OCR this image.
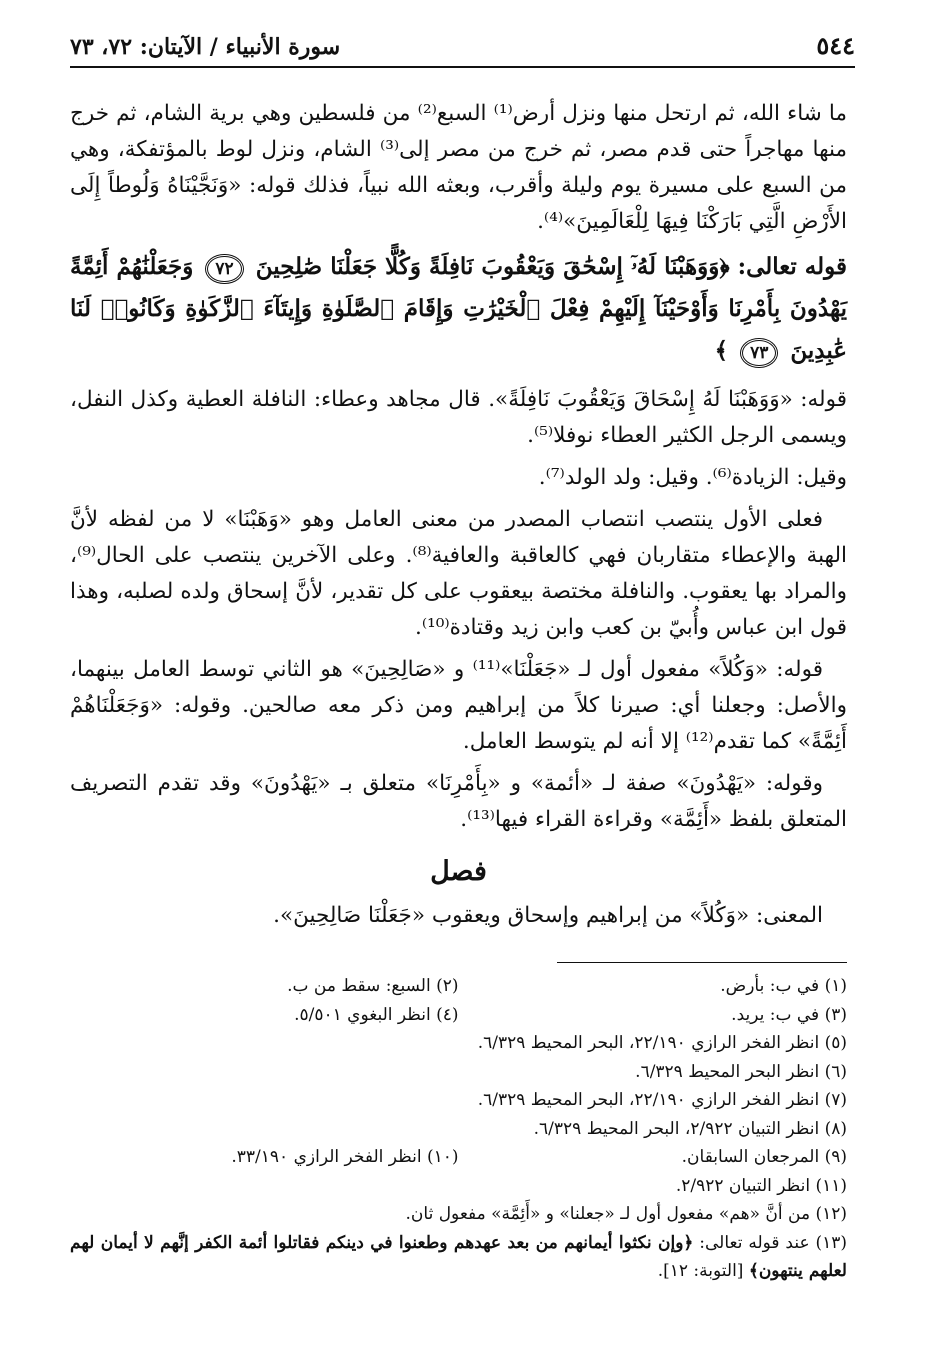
٥٤٤
سورة الأنبياء / الآيتان: ٧٢، ٧٣

ما شاء الله، ثم ارتحل منها ونزل أرض⁽¹⁾ السبع⁽²⁾ من فلسطين وهي برية الشام، ثم خرج منها مهاجراً حتى قدم مصر، ثم خرج من مصر إلى⁽³⁾ الشام، ونزل لوط بالمؤتفكة، وهي من السبع على مسيرة يوم وليلة وأقرب، وبعثه الله نبياً، فذلك قوله: «وَنَجَّيْنَاهُ وَلُوطاً إِلَى الأَرْضِ الَّتِي بَارَكْنَا فِيهَا لِلْعَالَمِينَ»⁽⁴⁾.

قوله تعالى: ﴿وَوَهَبْنَا لَهُۥٓ إِسْحَٰقَ وَيَعْقُوبَ نَافِلَةً وَكُلًّا جَعَلْنَا صَٰلِحِينَ ٧٢ وَجَعَلْنَٰهُمْ أَئِمَّةً يَهْدُونَ بِأَمْرِنَا وَأَوْحَيْنَآ إِلَيْهِمْ فِعْلَ ٱلْخَيْرَٰتِ وَإِقَامَ ٱلصَّلَوٰةِ وَإِيتَآءَ ٱلزَّكَوٰةِ وَكَانُوا۟ لَنَا عَٰبِدِينَ ٧٣ ﴾

قوله: «وَوَهَبْنَا لَهُ إِسْحَاقَ وَيَعْقُوبَ نَافِلَةً». قال مجاهد وعطاء: النافلة العطية وكذل النفل، ويسمى الرجل الكثير العطاء نوفلا⁽⁵⁾.

وقيل: الزيادة⁽⁶⁾. وقيل: ولد الولد⁽⁷⁾.

فعلى الأول ينتصب انتصاب المصدر من معنى العامل وهو «وَهَبْنَا» لا من لفظه لأنَّ الهبة والإعطاء متقاربان فهي كالعاقبة والعافية⁽⁸⁾. وعلى الآخرين ينتصب على الحال⁽⁹⁾، والمراد بها يعقوب. والنافلة مختصة بيعقوب على كل تقدير، لأنَّ إسحاق ولده لصلبه، وهذا قول ابن عباس وأُبيّ بن كعب وابن زيد وقتادة⁽¹⁰⁾.

قوله: «وَكُلاً» مفعول أول لـ «جَعَلْنَا»⁽¹¹⁾ و «صَالِحِينَ» هو الثاني توسط العامل بينهما، والأصل: وجعلنا أي: صيرنا كلاً من إبراهيم ومن ذكر معه صالحين. وقوله: «وَجَعَلْنَاهُمْ أَئِمَّةً» كما تقدم⁽¹²⁾ إلا أنه لم يتوسط العامل.

وقوله: «يَهْدُونَ» صفة لـ «أئمة» و «بِأَمْرِنَا» متعلق بـ «يَهْدُونَ» وقد تقدم التصريف المتعلق بلفظ «أَئِمَّة» وقراءة القراء فيها⁽¹³⁾.

فصل

المعنى: «وَكُلاً» من إبراهيم وإسحاق ويعقوب «جَعَلْنَا صَالِحِينَ».

(١) في ب: بأرض.

(٢) السبع: سقط من ب.

(٣) في ب: يريد.

(٤) انظر البغوي ٥/٥٠١.

(٥) انظر الفخر الرازي ٢٢/١٩٠، البحر المحيط ٦/٣٢٩.

(٦) انظر البحر المحيط ٦/٣٢٩.

(٧) انظر الفخر الرازي ٢٢/١٩٠، البحر المحيط ٦/٣٢٩.

(٨) انظر التبيان ٢/٩٢٢، البحر المحيط ٦/٣٢٩.

(٩) المرجعان السابقان.

(١٠) انظر الفخر الرازي ٣٣/١٩٠.

(١١) انظر التبيان ٢/٩٢٢.

(١٢) من أنَّ «هم» مفعول أول لـ «جعلنا» و «أَئِمَّة» مفعول ثان.

(١٣) عند قوله تعالى: ﴿وإن نكثوا أيمانهم من بعد عهدهم وطعنوا في دينكم فقاتلوا أئمة الكفر إنَّهم لا أيمان لهم لعلهم ينتهون﴾ [التوبة: ١٢].
